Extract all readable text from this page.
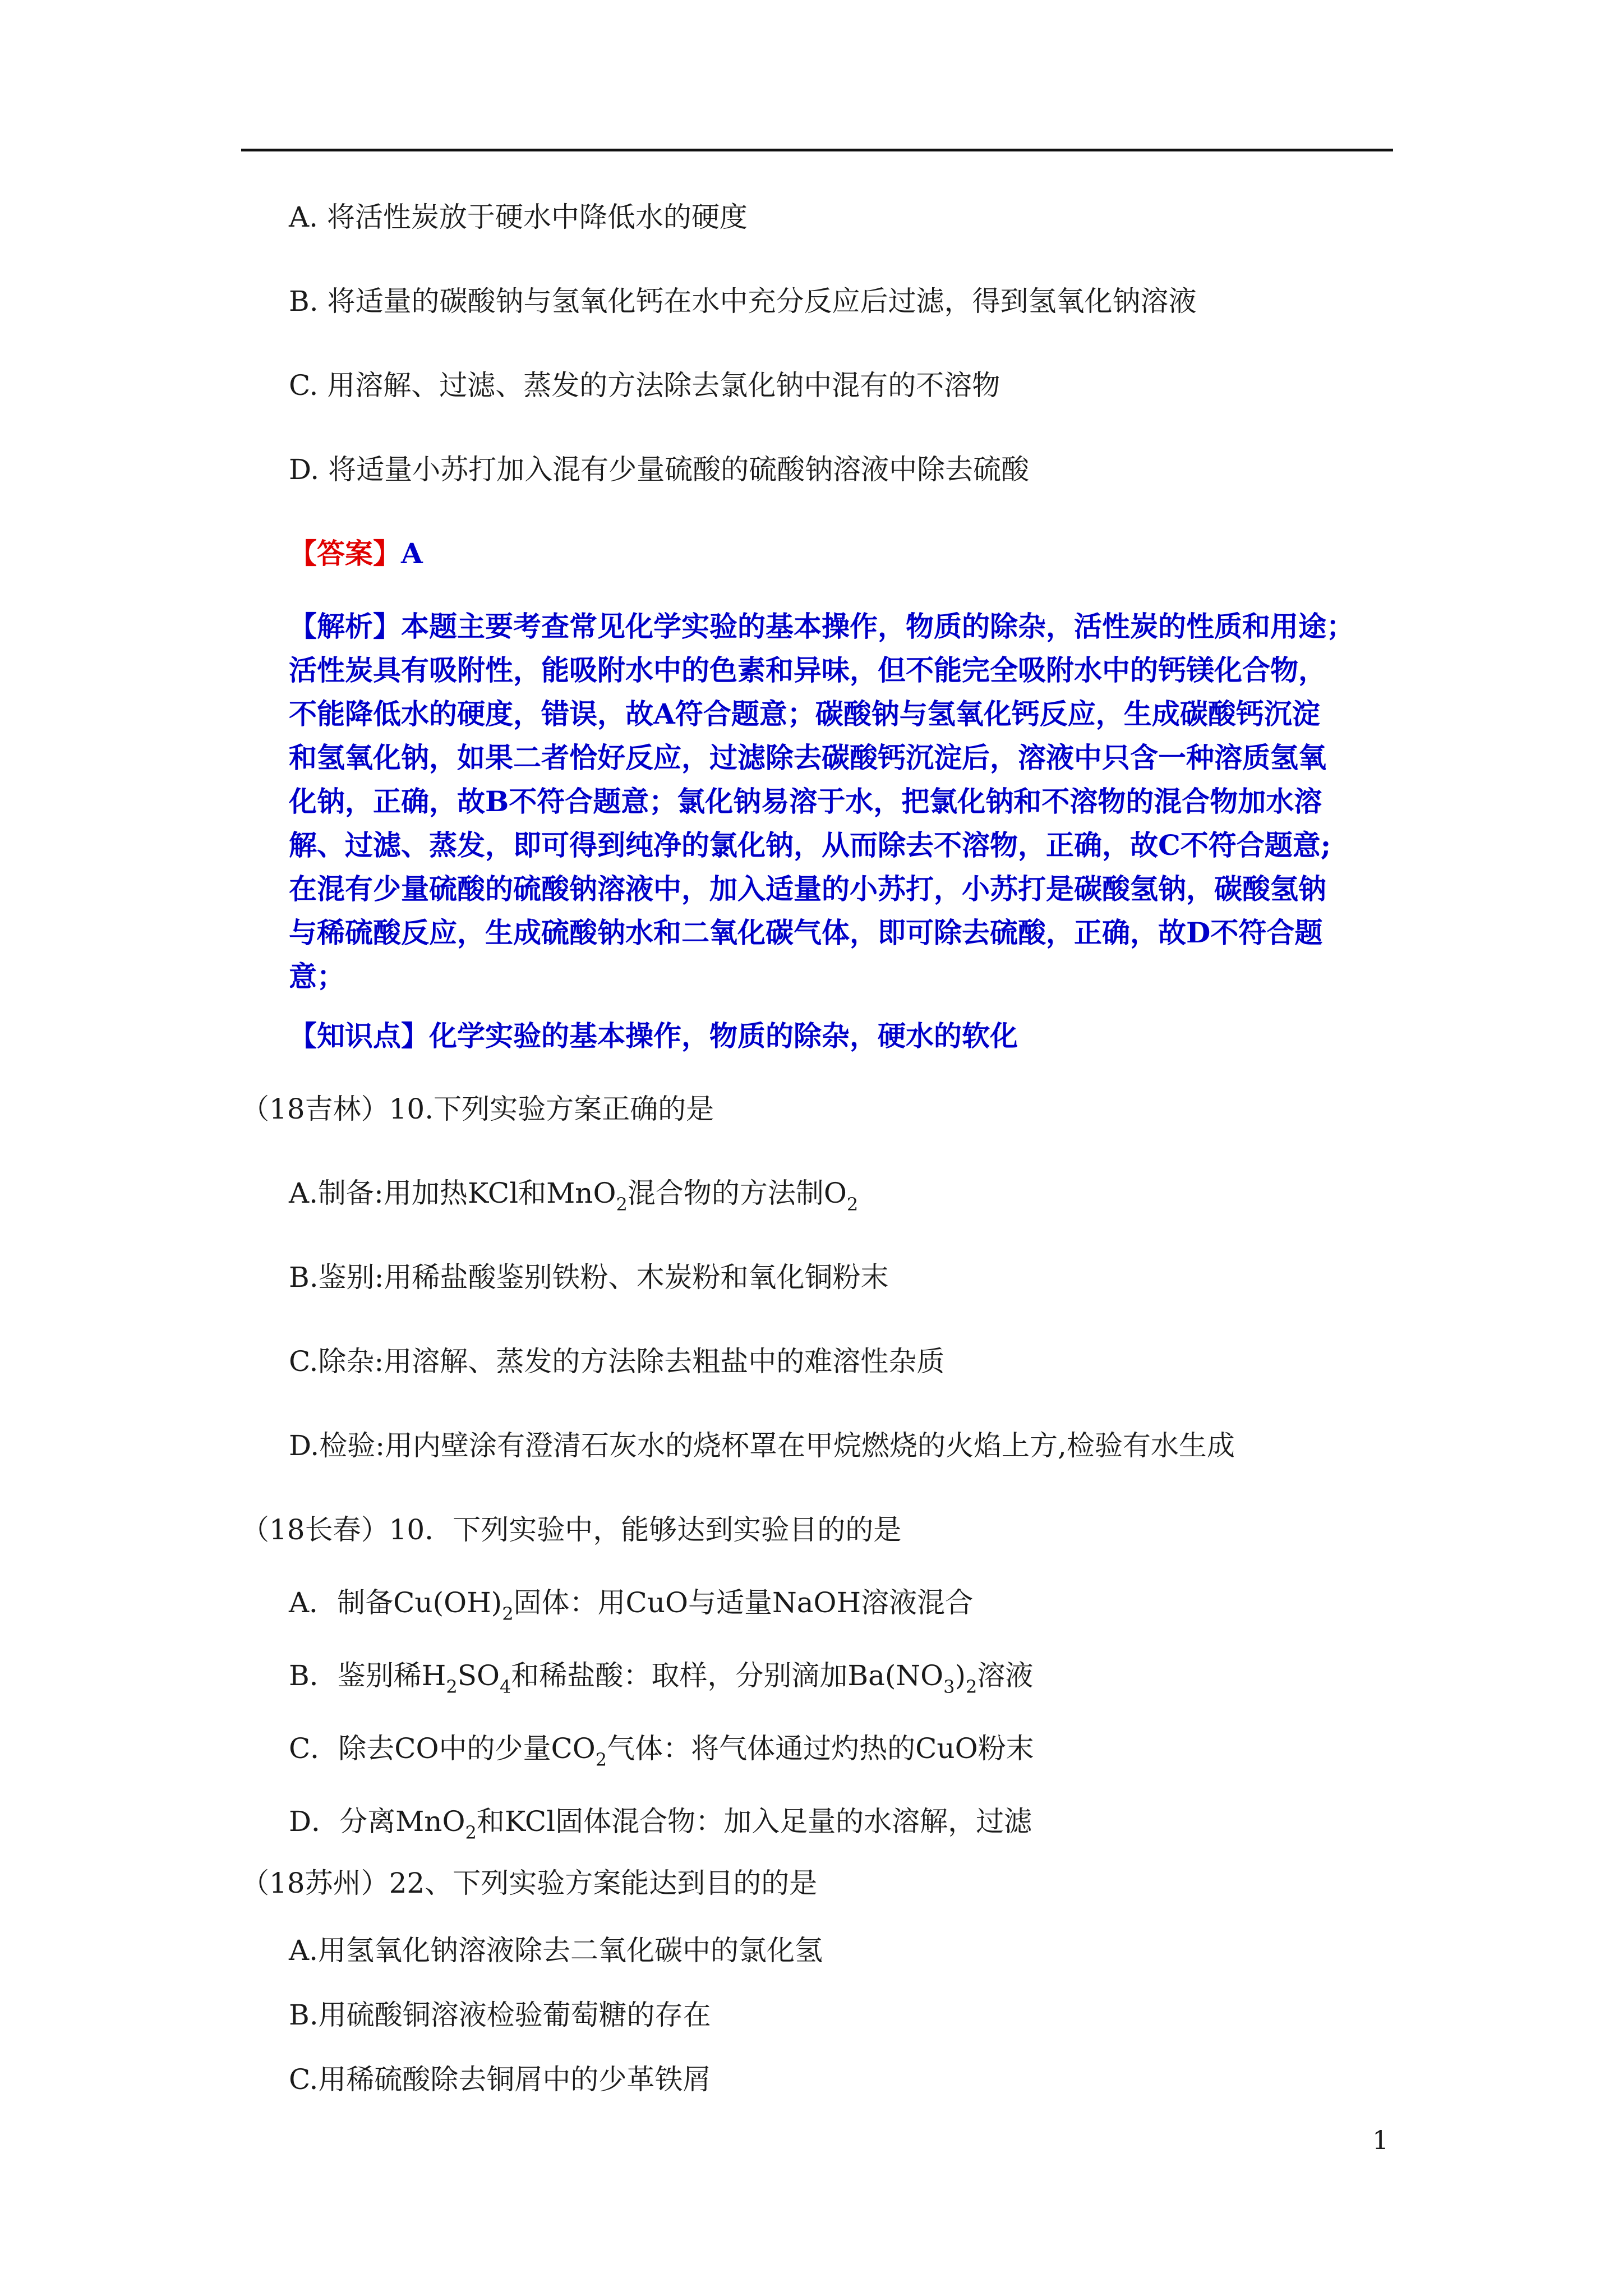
A. 将活性炭放于硬水中降低水的硬度
B. 将适量的碳酸钠与氢氧化钙在水中充分反应后过滤，得到氢氧化钠溶液
C. 用溶解、过滤、蒸发的方法除去氯化钠中混有的不溶物
D. 将适量小苏打加入混有少量硫酸的硫酸钠溶液中除去硫酸
【答案】A
【解析】本题主要考查常见化学实验的基本操作，物质的除杂，活性炭的性质和用途；
活性炭具有吸附性，能吸附水中的色素和异味，但不能完全吸附水中的钙镁化合物，
不能降低水的硬度，错误，故A符合题意；碳酸钠与氢氧化钙反应，生成碳酸钙沉淀
和氢氧化钠，如果二者恰好反应，过滤除去碳酸钙沉淀后，溶液中只含一种溶质氢氧
化钠，正确，故B不符合题意；氯化钠易溶于水，把氯化钠和不溶物的混合物加水溶
解、过滤、蒸发，即可得到纯净的氯化钠，从而除去不溶物，正确，故C不符合题意;
在混有少量硫酸的硫酸钠溶液中，加入适量的小苏打，小苏打是碳酸氢钠，碳酸氢钠
与稀硫酸反应，生成硫酸钠水和二氧化碳气体，即可除去硫酸，正确，故D不符合题
意；
【知识点】化学实验的基本操作，物质的除杂，硬水的软化
（18吉林）10.下列实验方案正确的是
A.制备:用加热KCl和MnO$_2$混合物的方法制$O_2$
B.鉴别:用稀盐酸鉴别铁粉、木炭粉和氧化铜粉末
C.除杂:用溶解、蒸发的方法除去粗盐中的难溶性杂质
D.检验:用内壁涂有澄清石灰水的烧杯罩在甲烷燃烧的火焰上方,检验有水生成
（18长春）10．下列实验中，能够达到实验目的的是
A．制备$Cu(OH)_2$固体：用CuO与适量NaOH溶液混合
B．鉴别稀$H_2SO_4$和稀盐酸：取样，分别滴加$Ba(NO_3)_2$溶液
C．除去CO中的少量$CO_2$气体：将气体通过灼热的CuO粉末
D．分离MnO$_2$和KCl固体混合物：加入足量的水溶解，过滤
（18苏州）22、下列实验方案能达到目的的是
A.用氢氧化钠溶液除去二氧化碳中的氯化氢
B.用硫酸铜溶液检验葡萄糖的存在
C.用稀硫酸除去铜屑中的少革铁屑
1
